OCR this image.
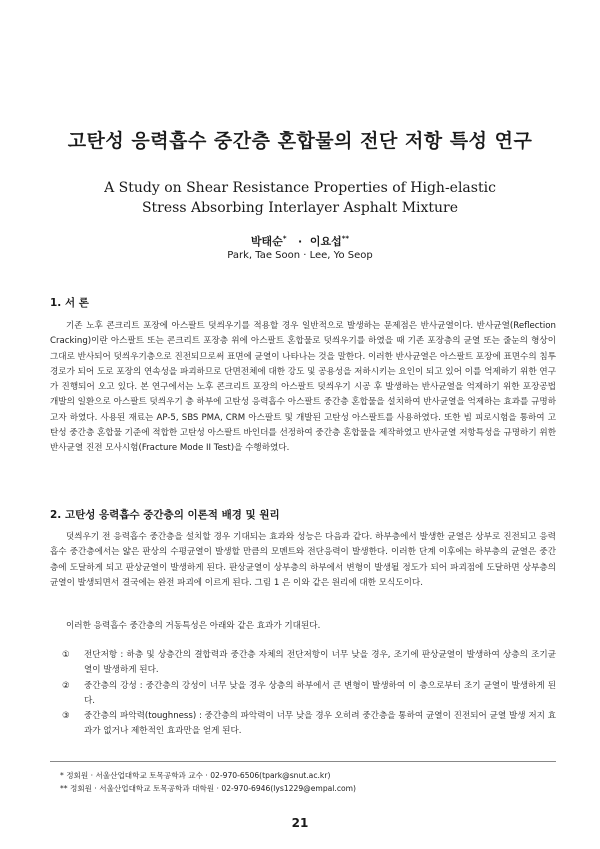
고탄성 응력흡수 중간층 혼합물의 전단 저항 특성 연구
A Study on Shear Resistance Properties of High-elastic
Stress Absorbing Interlayer Asphalt Mixture
박태순* · 이요섭**
Park, Tae Soon · Lee, Yo Seop
1. 서 론
기존 노후 콘크리트 포장에 아스팔트 덧씌우기를 적용할 경우 일반적으로 발생하는 문제점은 반사균열이다. 반사균열(Reflection Cracking)이란 아스팔트 또는 콘크리트 포장층 위에 아스팔트 혼합물로 덧씌우기를 하였을 때 기존 포장층의 균열 또는 줄눈의 형상이 그대로 반사되어 덧씌우기층으로 진전되므로써 표면에 균열이 나타나는 것을 말한다. 이러한 반사균열은 아스팔트 포장에 표면수의 침투 경로가 되어 도로 포장의 연속성을 파괴하므로 단면전체에 대한 강도 및 공용성을 저하시키는 요인이 되고 있어 이를 억제하기 위한 연구가 진행되어 오고 있다. 본 연구에서는 노후 콘크리트 포장의 아스팔트 덧씌우기 시공 후 발생하는 반사균열을 억제하기 위한 포장공법 개발의 일환으로 아스팔트 덧씌우기 층 하부에 고탄성 응력흡수 아스팔트 중간층 혼합물을 설치하여 반사균열을 억제하는 효과를 규명하고자 하였다. 사용된 재료는 AP-5, SBS PMA, CRM 아스팔트 및 개발된 고탄성 아스팔트를 사용하였다. 또한 빔 피로시험을 통하여 고탄성 중간층 혼합물 기준에 적합한 고탄성 아스팔트 바인더를 선정하여 중간층 혼합물을 제작하였고 반사균열 저항특성을 규명하기 위한 반사균열 진전 모사시험(Fracture Mode II Test)을 수행하였다.
2. 고탄성 응력흡수 중간층의 이론적 배경 및 원리
덧씌우기 전 응력흡수 중간층을 설치할 경우 기대되는 효과와 성능은 다음과 같다. 하부층에서 발생한 균열은 상부로 진전되고 응력흡수 중간층에서는 얇은 판상의 수평균열이 발생할 만큼의 모멘트와 전단응력이 발생한다. 이러한 단계 이후에는 하부층의 균열은 중간층에 도달하게 되고 판상균열이 발생하게 된다. 판상균열이 상부층의 하부에서 변형이 발생될 정도가 되어 파괴점에 도달하면 상부층의 균열이 발생되면서 결국에는 완전 파괴에 이르게 된다. 그림 1 은 이와 같은 원리에 대한 모식도이다.
이러한 응력흡수 중간층의 거동특성은 아래와 같은 효과가 기대된다.
① 전단저항 : 하층 및 상층간의 결합력과 중간층 자체의 전단저항이 너무 낮을 경우, 조기에 판상균열이 발생하여 상층의 조기균열이 발생하게 된다.
② 중간층의 강성 : 중간층의 강성이 너무 낮을 경우 상층의 하부에서 큰 변형이 발생하여 이 층으로부터 조기 균열이 발생하게 된다.
③ 중간층의 파악력(toughness) : 중간층의 파악력이 너무 낮을 경우 오히려 중간층을 통하여 균열이 진전되어 균열 발생 저지 효과가 없거나 제한적인 효과만을 얻게 된다.
* 정회원 · 서울산업대학교 토목공학과 교수 · 02-970-6506(tpark@snut.ac.kr)
** 정회원 · 서울산업대학교 토목공학과 대학원 · 02-970-6946(lys1229@empal.com)
21
